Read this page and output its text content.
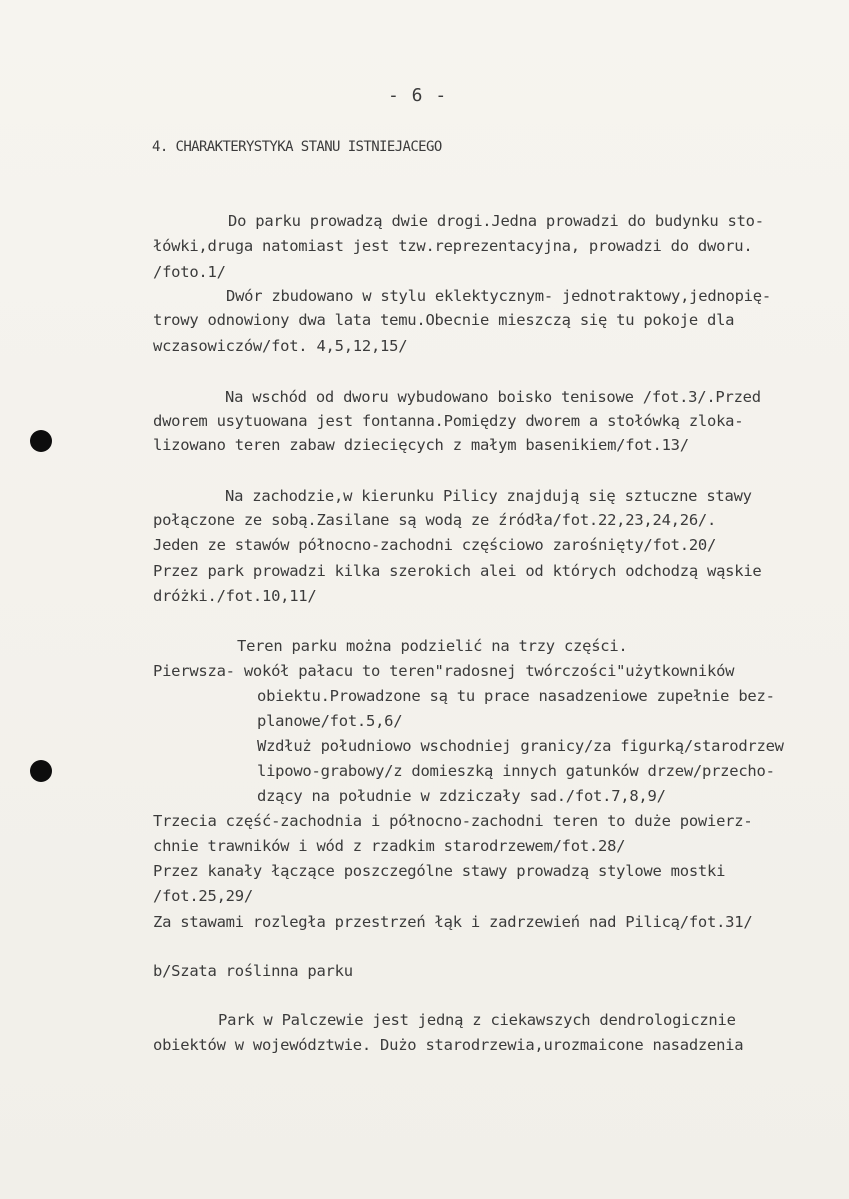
- 6 -
4. CHARAKTERYSTYKA STANU ISTNIEJACEGO
Do parku prowadzą dwie drogi.Jedna prowadzi do budynku sto-
łówki,druga natomiast jest tzw.reprezentacyjna, prowadzi do dworu.
/foto.1/
Dwór zbudowano w stylu eklektycznym- jednotraktowy,jednopię-
trowy odnowiony dwa lata temu.Obecnie mieszczą się tu pokoje dla
wczasowiczów/fot. 4,5,12,15/
Na wschód od dworu wybudowano boisko tenisowe /fot.3/.Przed
dworem usytuowana jest fontanna.Pomiędzy dworem a stołówką zloka-
lizowano teren zabaw dziecięcych z małym basenikiem/fot.13/
Na zachodzie,w kierunku Pilicy znajdują się sztuczne stawy
połączone ze sobą.Zasilane są wodą ze źródła/fot.22,23,24,26/.
Jeden ze stawów północno-zachodni częściowo zarośnięty/fot.20/
Przez park prowadzi kilka szerokich alei od których odchodzą wąskie
dróżki./fot.10,11/
Teren parku można podzielić na trzy części.
Pierwsza- wokół pałacu to teren"radosnej twórczości"użytkowników
obiektu.Prowadzone są tu prace nasadzeniowe zupełnie bez-
planowe/fot.5,6/
Wzdłuż południowo wschodniej granicy/za figurką/starodrzew
lipowo-grabowy/z domieszką innych gatunków drzew/przecho-
dzący na południe w zdziczały sad./fot.7,8,9/
Trzecia część-zachodnia i północno-zachodni teren to duże powierz-
chnie trawników i wód z rzadkim starodrzewem/fot.28/
Przez kanały łączące poszczególne stawy prowadzą stylowe mostki
/fot.25,29/
Za stawami rozległa przestrzeń łąk i zadrzewień nad Pilicą/fot.31/
b/Szata roślinna parku
Park w Palczewie jest jedną z ciekawszych dendrologicznie
obiektów w województwie. Dużo starodrzewia,urozmaicone nasadzenia
